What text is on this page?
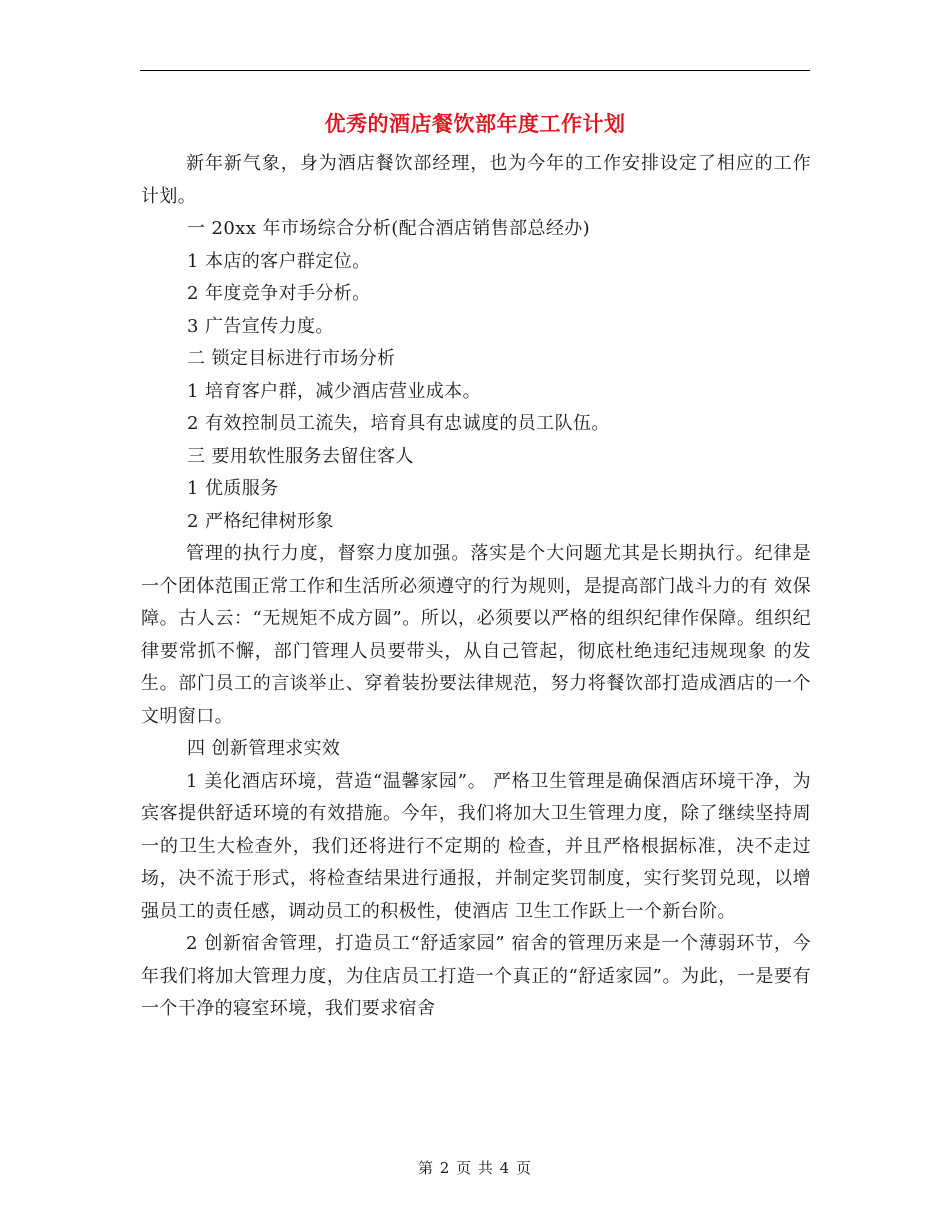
优秀的酒店餐饮部年度工作计划

新年新气象，身为酒店餐饮部经理，也为今年的工作安排设定了相应的工作计划。

一 20xx 年市场综合分析(配合酒店销售部总经办)

1 本店的客户群定位。

2 年度竞争对手分析。

3 广告宣传力度。

二 锁定目标进行市场分析

1 培育客户群，减少酒店营业成本。

2 有效控制员工流失，培育具有忠诚度的员工队伍。

三 要用软性服务去留住客人

1 优质服务

2 严格纪律树形象

管理的执行力度，督察力度加强。落实是个大问题尤其是长期执行。纪律是一个团体范围正常工作和生活所必须遵守的行为规则，是提高部门战斗力的有 效保障。古人云：“无规矩不成方圆”。所以，必须要以严格的组织纪律作保障。组织纪律要常抓不懈，部门管理人员要带头，从自己管起，彻底杜绝违纪违规现象 的发生。部门员工的言谈举止、穿着装扮要法律规范，努力将餐饮部打造成酒店的一个文明窗口。

四 创新管理求实效

1 美化酒店环境，营造“温馨家园”。 严格卫生管理是确保酒店环境干净，为宾客提供舒适环境的有效措施。今年，我们将加大卫生管理力度，除了继续坚持周一的卫生大检查外，我们还将进行不定期的 检查，并且严格根据标准，决不走过场，决不流于形式，将检查结果进行通报，并制定奖罚制度，实行奖罚兑现，以增强员工的责任感，调动员工的积极性，使酒店 卫生工作跃上一个新台阶。

2 创新宿舍管理，打造员工“舒适家园” 宿舍的管理历来是一个薄弱环节，今年我们将加大管理力度，为住店员工打造一个真正的“舒适家园”。为此，一是要有一个干净的寝室环境，我们要求宿舍

第 2 页 共 4 页
